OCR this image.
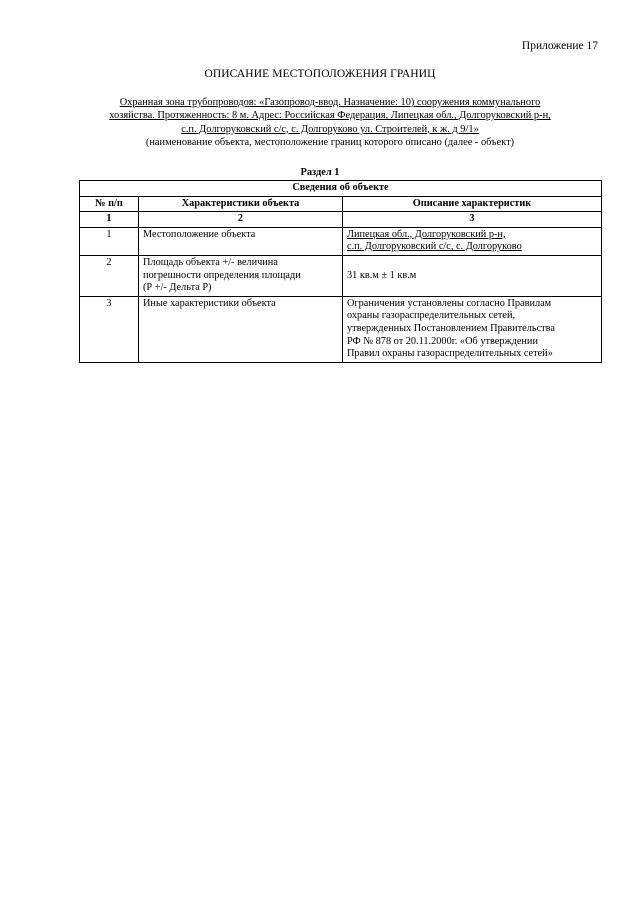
Приложение 17
ОПИСАНИЕ МЕСТОПОЛОЖЕНИЯ ГРАНИЦ
Охранная зона трубопроводов: «Газопровод-ввод. Назначение: 10) сооружения коммунального
хозяйства. Протяженность: 8 м. Адрес: Российская Федерация, Липецкая обл., Долгоруковский р-н,
с.п. Долгоруковский с/с, с. Долгоруково ул. Строителей, к ж. д 9/1»
(наименование объекта, местоположение границ которого описано (далее - объект)
Раздел 1
Сведения об объекте		
№ п/п	Характеристики объекта	Описание характеристик
1	2	3
1	Местоположение объекта	Липецкая обл., Долгоруковский р-н,
с.п. Долгоруковский с/с, с. Долгоруково

2	Площадь объекта +/- величина
погрешности определения площади
(Р +/- Дельта Р)	31 кв.м ± 1 кв.м
3	Иные характеристики объекта	Ограничения установлены согласно Правилам
охраны газораспределительных сетей,
утвержденных Постановлением Правительства
РФ № 878 от 20.11.2000г. «Об утверждении
Правил охраны газораспределительных сетей»
